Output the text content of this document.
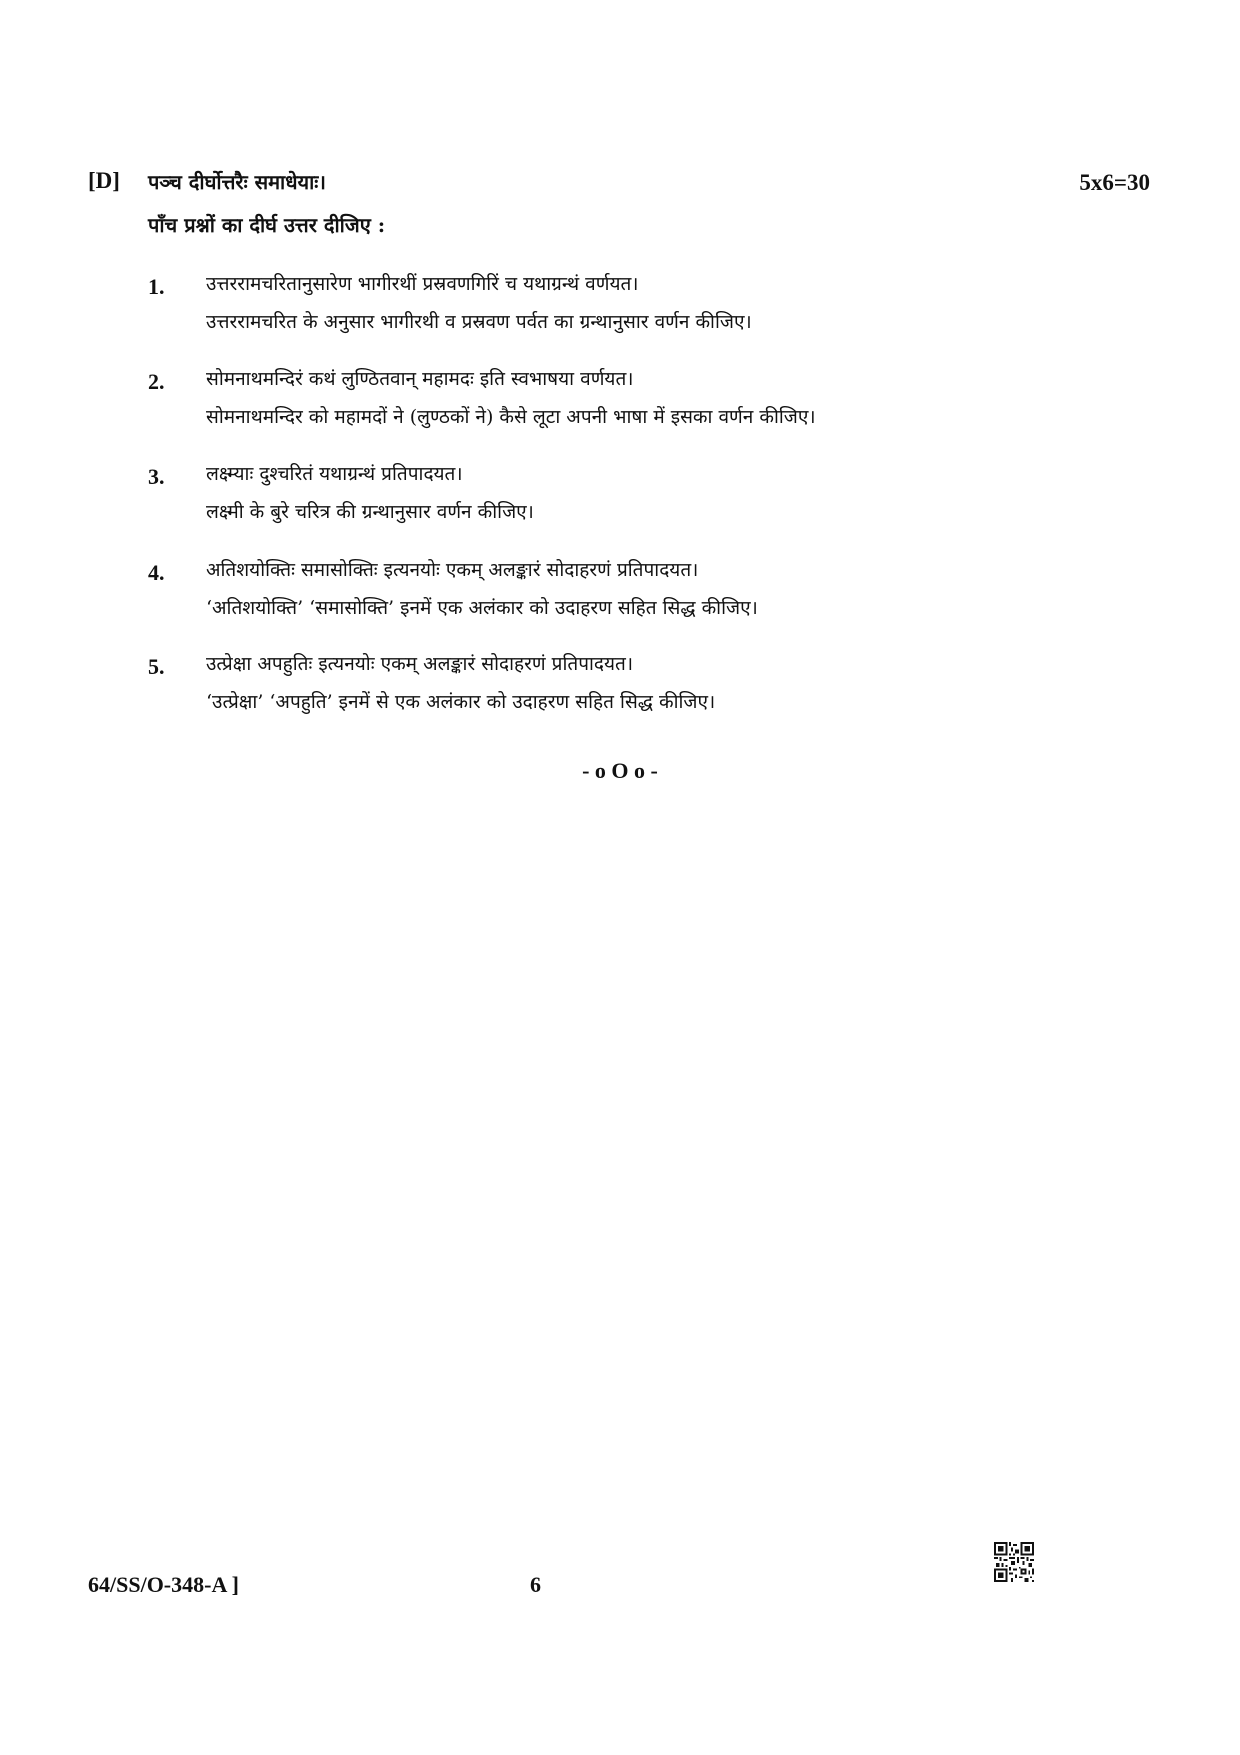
[D] पञ्च दीर्घोत्तरैः समाधेयाः।	5x6=30
पाँच प्रश्नों का दीर्घ उत्तर दीजिए :
1. उत्तररामचरितानुसारेण भागीरथीं प्रस्रवणगिरिं च यथाग्रन्थं वर्णयत।
उत्तररामचरित के अनुसार भागीरथी व प्रस्रवण पर्वत का ग्रन्थानुसार वर्णन कीजिए।
2. सोमनाथमन्दिरं कथं लुण्ठितवान् महामदः इति स्वभाषया वर्णयत।
सोमनाथमन्दिर को महामदों ने (लुण्ठकों ने) कैसे लूटा अपनी भाषा में इसका वर्णन कीजिए।
3. लक्ष्म्याः दुश्चरितं यथाग्रन्थं प्रतिपादयत।
लक्ष्मी के बुरे चरित्र की ग्रन्थानुसार वर्णन कीजिए।
4. अतिशयोक्तिः समासोक्तिः इत्यनयोः एकम् अलङ्कारं सोदाहरणं प्रतिपादयत।
‘अतिशयोक्ति’ ‘समासोक्ति’ इनमें एक अलंकार को उदाहरण सहित सिद्ध कीजिए।
5. उत्प्रेक्षा अपहुतिः इत्यनयोः एकम् अलङ्कारं सोदाहरणं प्रतिपादयत।
‘उत्प्रेक्षा’ ‘अपहुति’ इनमें से एक अलंकार को उदाहरण सहित सिद्ध कीजिए।
- o O o -
64/SS/O-348-A ]	6
